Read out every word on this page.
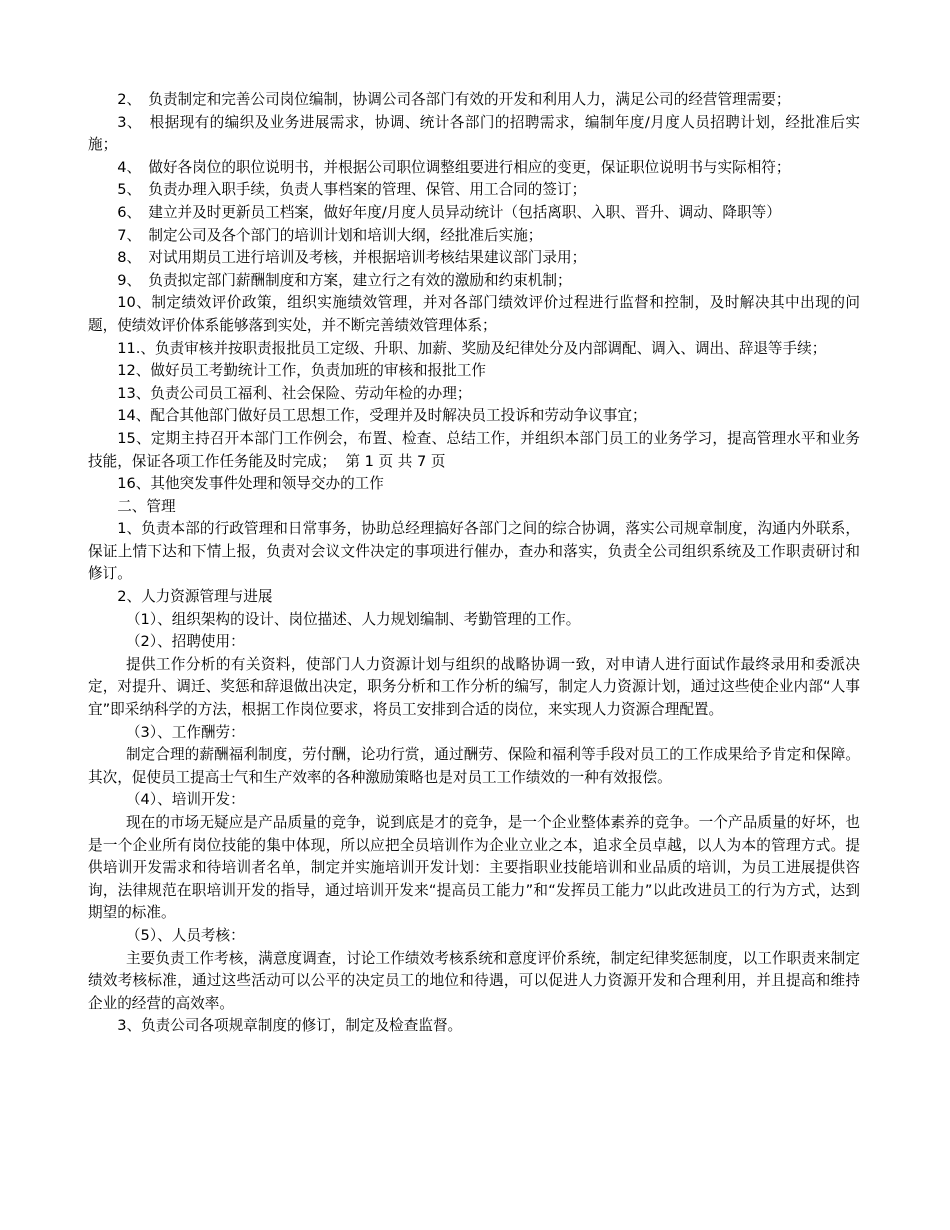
2、　负责制定和完善公司岗位编制，协调公司各部门有效的开发和利用人力，满足公司的经营管理需要；

3、　根据现有的编织及业务进展需求，协调、统计各部门的招聘需求，编制年度/月度人员招聘计划，经批准后实施；

4、　做好各岗位的职位说明书，并根据公司职位调整组要进行相应的变更，保证职位说明书与实际相符；

5、　负责办理入职手续，负责人事档案的管理、保管、用工合同的签订；

6、　建立并及时更新员工档案，做好年度/月度人员异动统计（包括离职、入职、晋升、调动、降职等）

7、　制定公司及各个部门的培训计划和培训大纲，经批准后实施；

8、　对试用期员工进行培训及考核，并根据培训考核结果建议部门录用；

9、　负责拟定部门薪酬制度和方案，建立行之有效的激励和约束机制；

10、制定绩效评价政策，组织实施绩效管理，并对各部门绩效评价过程进行监督和控制，及时解决其中出现的问题，使绩效评价体系能够落到实处，并不断完善绩效管理体系；

11.、负责审核并按职责报批员工定级、升职、加薪、奖励及纪律处分及内部调配、调入、调出、辞退等手续；

12、做好员工考勤统计工作，负责加班的审核和报批工作

13、负责公司员工福利、社会保险、劳动年检的办理；

14、配合其他部门做好员工思想工作，受理并及时解决员工投诉和劳动争议事宜；

15、定期主持召开本部门工作例会，布置、检查、总结工作，并组织本部门员工的业务学习，提高管理水平和业务技能，保证各项工作任务能及时完成；  第 1 页 共 7 页

16、其他突发事件处理和领导交办的工作

二、管理

1、负责本部的行政管理和日常事务，协助总经理搞好各部门之间的综合协调，落实公司规章制度，沟通内外联系，保证上情下达和下情上报，负责对会议文件决定的事项进行催办，查办和落实，负责全公司组织系统及工作职责研讨和修订。

2、人力资源管理与进展

（1）、组织架构的设计、岗位描述、人力规划编制、考勤管理的工作。

（2）、招聘使用：

提供工作分析的有关资料，使部门人力资源计划与组织的战略协调一致，对申请人进行面试作最终录用和委派决定，对提升、调迁、奖惩和辞退做出决定，职务分析和工作分析的编写，制定人力资源计划，通过这些使企业内部“人事宜”即采纳科学的方法，根据工作岗位要求，将员工安排到合适的岗位，来实现人力资源合理配置。

（3）、工作酬劳：

制定合理的薪酬福利制度，劳付酬，论功行赏，通过酬劳、保险和福利等手段对员工的工作成果给予肯定和保障。其次，促使员工提高士气和生产效率的各种激励策略也是对员工工作绩效的一种有效报偿。

（4）、培训开发：

现在的市场无疑应是产品质量的竞争，说到底是才的竞争，是一个企业整体素养的竞争。一个产品质量的好坏，也是一个企业所有岗位技能的集中体现，所以应把全员培训作为企业立业之本，追求全员卓越，以人为本的管理方式。提供培训开发需求和待培训者名单，制定并实施培训开发计划：主要指职业技能培训和业品质的培训，为员工进展提供咨询，法律规范在职培训开发的指导，通过培训开发来“提高员工能力”和“发挥员工能力”以此改进员工的行为方式，达到期望的标准。

（5）、人员考核：

主要负责工作考核，满意度调查，讨论工作绩效考核系统和意度评价系统，制定纪律奖惩制度，以工作职责来制定绩效考核标准，通过这些活动可以公平的决定员工的地位和待遇，可以促进人力资源开发和合理利用，并且提高和维持企业的经营的高效率。

3、负责公司各项规章制度的修订，制定及检查监督。
